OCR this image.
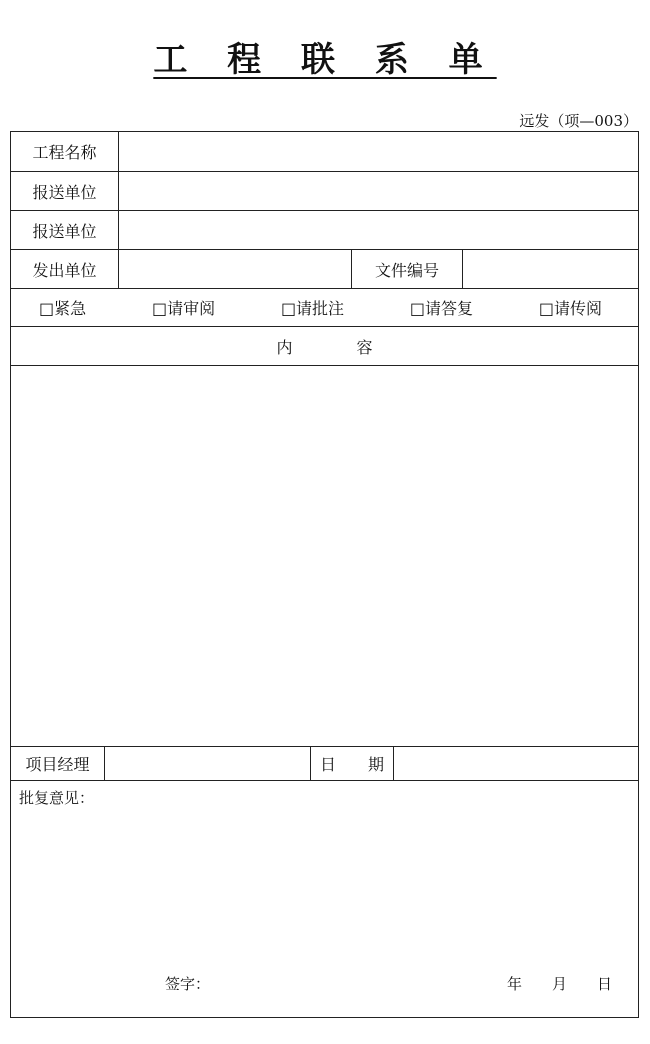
工 程 联 系 单
远发（项—003）
工程名称
报送单位
报送单位
发出单位	文件编号
□紧急	□请审阅	□请批注	□请答复	□请传阅
内　　　　容
项目经理	日　　期
批复意见：
签字：	年　　月　　日
